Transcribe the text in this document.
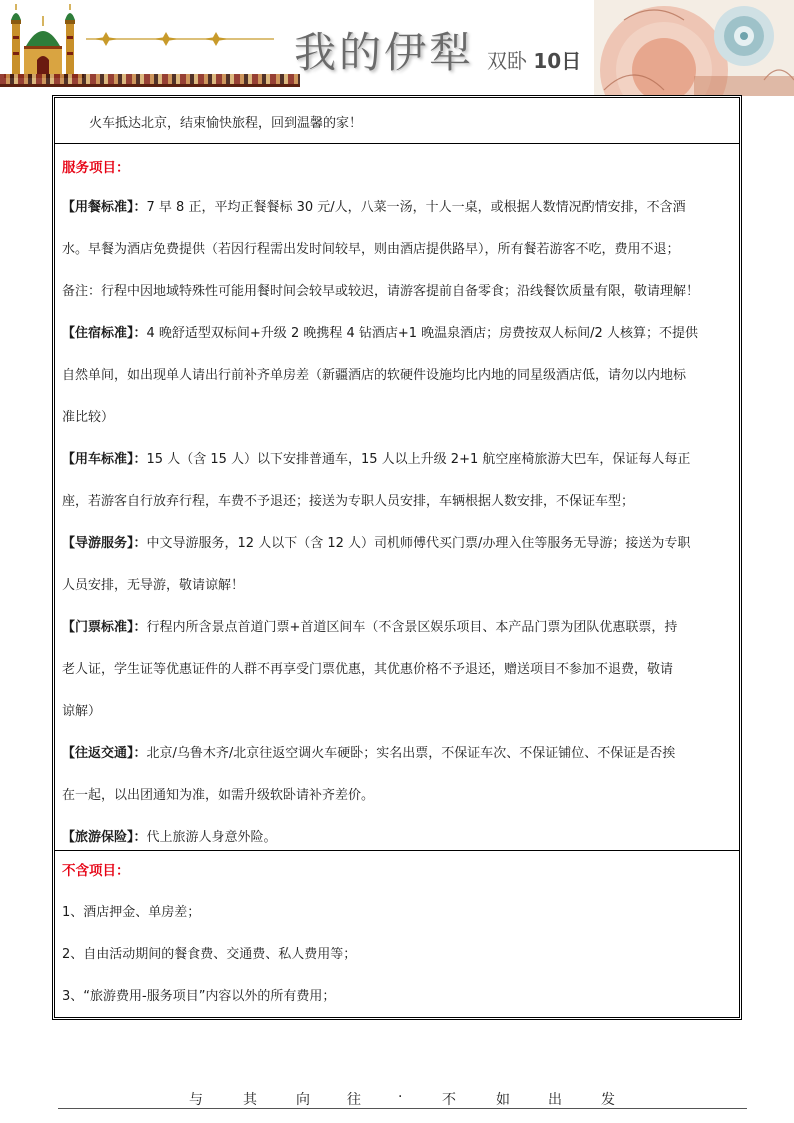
我的伊犁 双卧 10日
火车抵达北京，结束愉快旅程，回到温馨的家！
服务项目：
【用餐标准】：7 早 8 正，平均正餐餐标 30 元/人，八菜一汤，十人一桌，或根据人数情况酌情安排，不含酒
水。早餐为酒店免费提供（若因行程需出发时间较早，则由酒店提供路早），所有餐若游客不吃，费用不退；
备注：行程中因地域特殊性可能用餐时间会较早或较迟，请游客提前自备零食；沿线餐饮质量有限，敬请理解！
【住宿标准】：4 晚舒适型双标间+升级 2 晚携程 4 钻酒店+1 晚温泉酒店；房费按双人标间/2 人核算；不提供
自然单间，如出现单人请出行前补齐单房差（新疆酒店的软硬件设施均比内地的同星级酒店低，请勿以内地标
准比较）
【用车标准】：15 人（含 15 人）以下安排普通车，15 人以上升级 2+1 航空座椅旅游大巴车，保证每人每正
座，若游客自行放弃行程，车费不予退还；接送为专职人员安排，车辆根据人数安排，不保证车型；
【导游服务】：中文导游服务，12 人以下（含 12 人）司机师傅代买门票/办理入住等服务无导游；接送为专职
人员安排，无导游，敬请谅解！
【门票标准】：行程内所含景点首道门票+首道区间车（不含景区娱乐项目、本产品门票为团队优惠联票，持
老人证，学生证等优惠证件的人群不再享受门票优惠，其优惠价格不予退还，赠送项目不参加不退费，敬请
谅解）
【往返交通】：北京/乌鲁木齐/北京往返空调火车硬卧；实名出票，不保证车次、不保证铺位、不保证是否挨
在一起，以出团通知为准，如需升级软卧请补齐差价。
【旅游保险】：代上旅游人身意外险。
不含项目：
1、酒店押金、单房差；
2、自由活动期间的餐食费、交通费、私人费用等；
3、“旅游费用-服务项目”内容以外的所有费用；
与	其	向	往	·	不	如	出	发
